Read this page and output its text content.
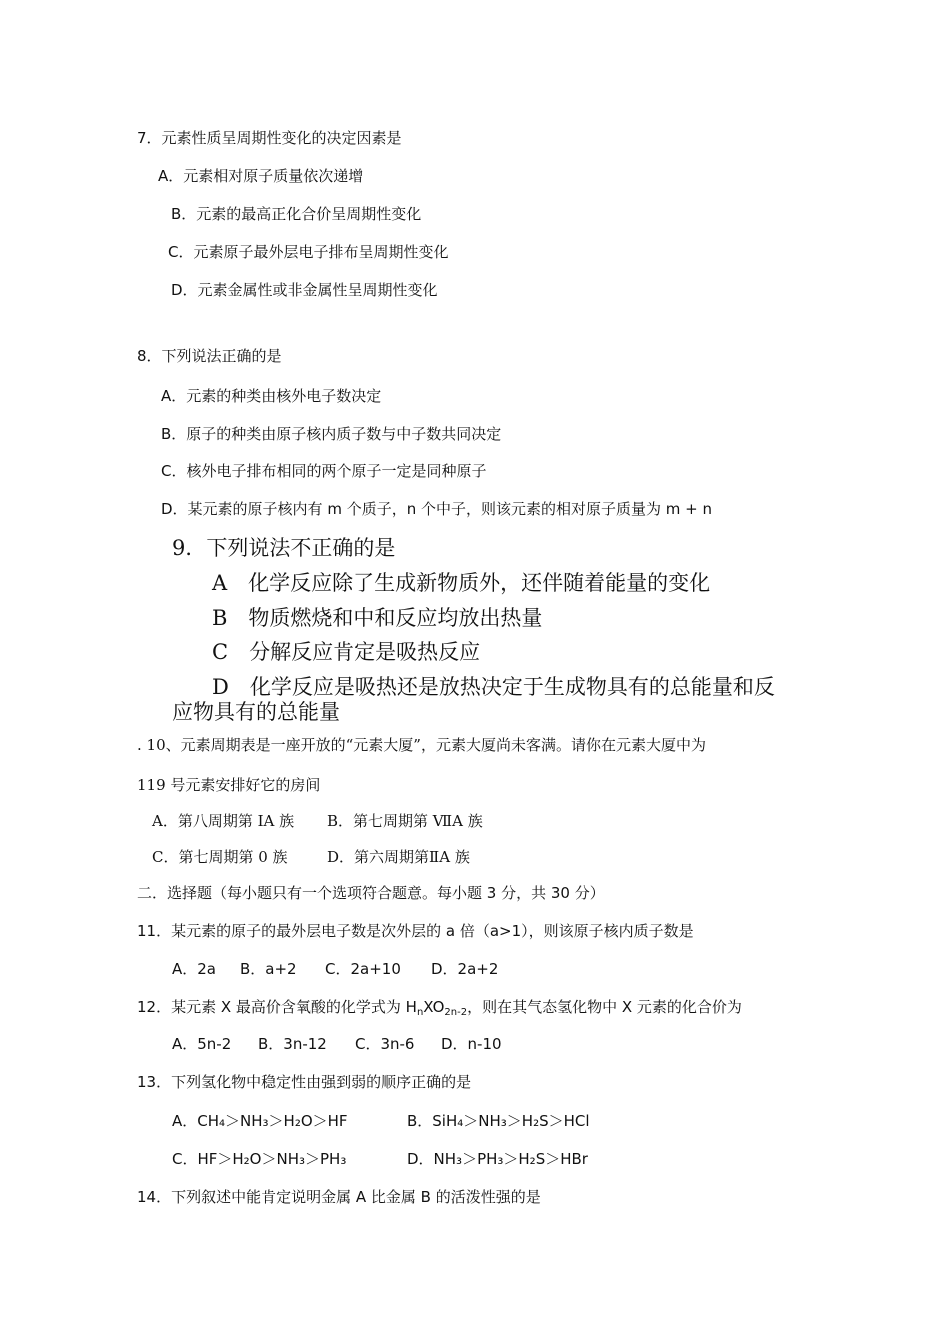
7．元素性质呈周期性变化的决定因素是
A．元素相对原子质量依次递增
B．元素的最高正化合价呈周期性变化
C．元素原子最外层电子排布呈周期性变化
D．元素金属性或非金属性呈周期性变化
8．下列说法正确的是
A．元素的种类由核外电子数决定
B．原子的种类由原子核内质子数与中子数共同决定
C．核外电子排布相同的两个原子一定是同种原子
D．某元素的原子核内有 m 个质子，n 个中子，则该元素的相对原子质量为 m + n
9．下列说法不正确的是
A　化学反应除了生成新物质外，还伴随着能量的变化
B　物质燃烧和中和反应均放出热量
C　分解反应肯定是吸热反应
D　化学反应是吸热还是放热决定于生成物具有的总能量和反
应物具有的总能量
. 10、元素周期表是一座开放的“元素大厦”，元素大厦尚未客满。请你在元素大厦中为
119 号元素安排好它的房间
A．第八周期第 IA 族 B．第七周期第 ⅦA 族
C．第七周期第 0 族	D．第六周期第ⅡA 族
二．选择题（每小题只有一个选项符合题意。每小题 3 分，共 30 分）
11．某元素的原子的最外层电子数是次外层的 a 倍（a>1），则该原子核内质子数是
A．2a B．a+2 C．2a+10 D．2a+2
12．某元素 X 最高价含氧酸的化学式为 $H_nXO_{2n-2}$，则在其气态氢化物中 X 元素的化合价为
A．5n-2 B．3n-12 C．3n-6 D．n-10
13．下列氢化物中稳定性由强到弱的顺序正确的是
A．CH₄＞NH₃＞H₂O＞HF	B．SiH₄＞NH₃＞H₂S＞HCl
C．HF＞H₂O＞NH₃＞PH₃	D．NH₃＞PH₃＞H₂S＞HBr
14．下列叙述中能肯定说明金属 A 比金属 B 的活泼性强的是
